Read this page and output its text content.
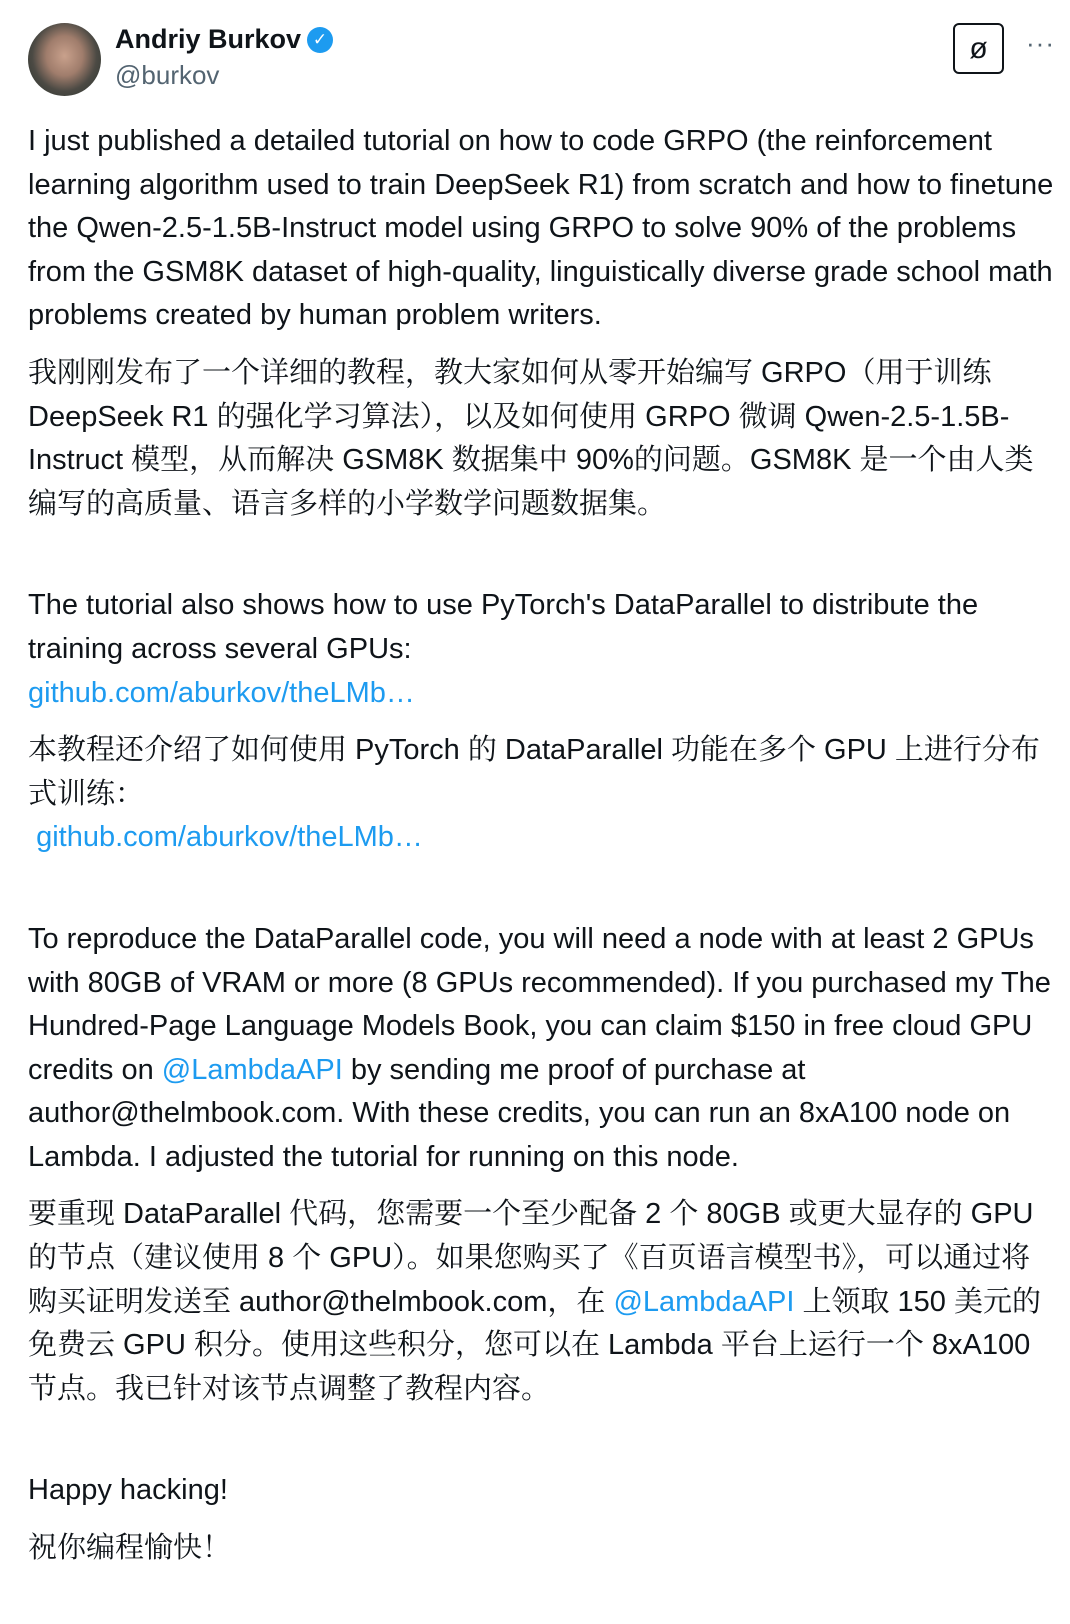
Andriy Burkov ✓
@burkov
ø	···

I just published a detailed tutorial on how to code GRPO (the reinforcement learning algorithm used to train DeepSeek R1) from scratch and how to finetune the Qwen-2.5-1.5B-Instruct model using GRPO to solve 90% of the problems from the GSM8K dataset of high-quality, linguistically diverse grade school math problems created by human problem writers.

我刚刚发布了一个详细的教程，教大家如何从零开始编写 GRPO（用于训练 DeepSeek R1 的强化学习算法），以及如何使用 GRPO 微调 Qwen-2.5-1.5B-Instruct 模型，从而解决 GSM8K 数据集中 90%的问题。GSM8K 是一个由人类编写的高质量、语言多样的小学数学问题数据集。

The tutorial also shows how to use PyTorch's DataParallel to distribute the training across several GPUs:

github.com/aburkov/theLMb…

本教程还介绍了如何使用 PyTorch 的 DataParallel 功能在多个 GPU 上进行分布式训练：

github.com/aburkov/theLMb…

To reproduce the DataParallel code, you will need a node with at least 2 GPUs with 80GB of VRAM or more (8 GPUs recommended). If you purchased my The Hundred-Page Language Models Book, you can claim $150 in free cloud GPU credits on @LambdaAPI by sending me proof of purchase at author@thelmbook.com. With these credits, you can run an 8xA100 node on Lambda. I adjusted the tutorial for running on this node.

要重现 DataParallel 代码，您需要一个至少配备 2 个 80GB 或更大显存的 GPU 的节点（建议使用 8 个 GPU）。如果您购买了《百页语言模型书》，可以通过将购买证明发送至 author@thelmbook.com，在 @LambdaAPI 上领取 150 美元的免费云 GPU 积分。使用这些积分，您可以在 Lambda 平台上运行一个 8xA100 节点。我已针对该节点调整了教程内容。

Happy hacking!

祝你编程愉快！
